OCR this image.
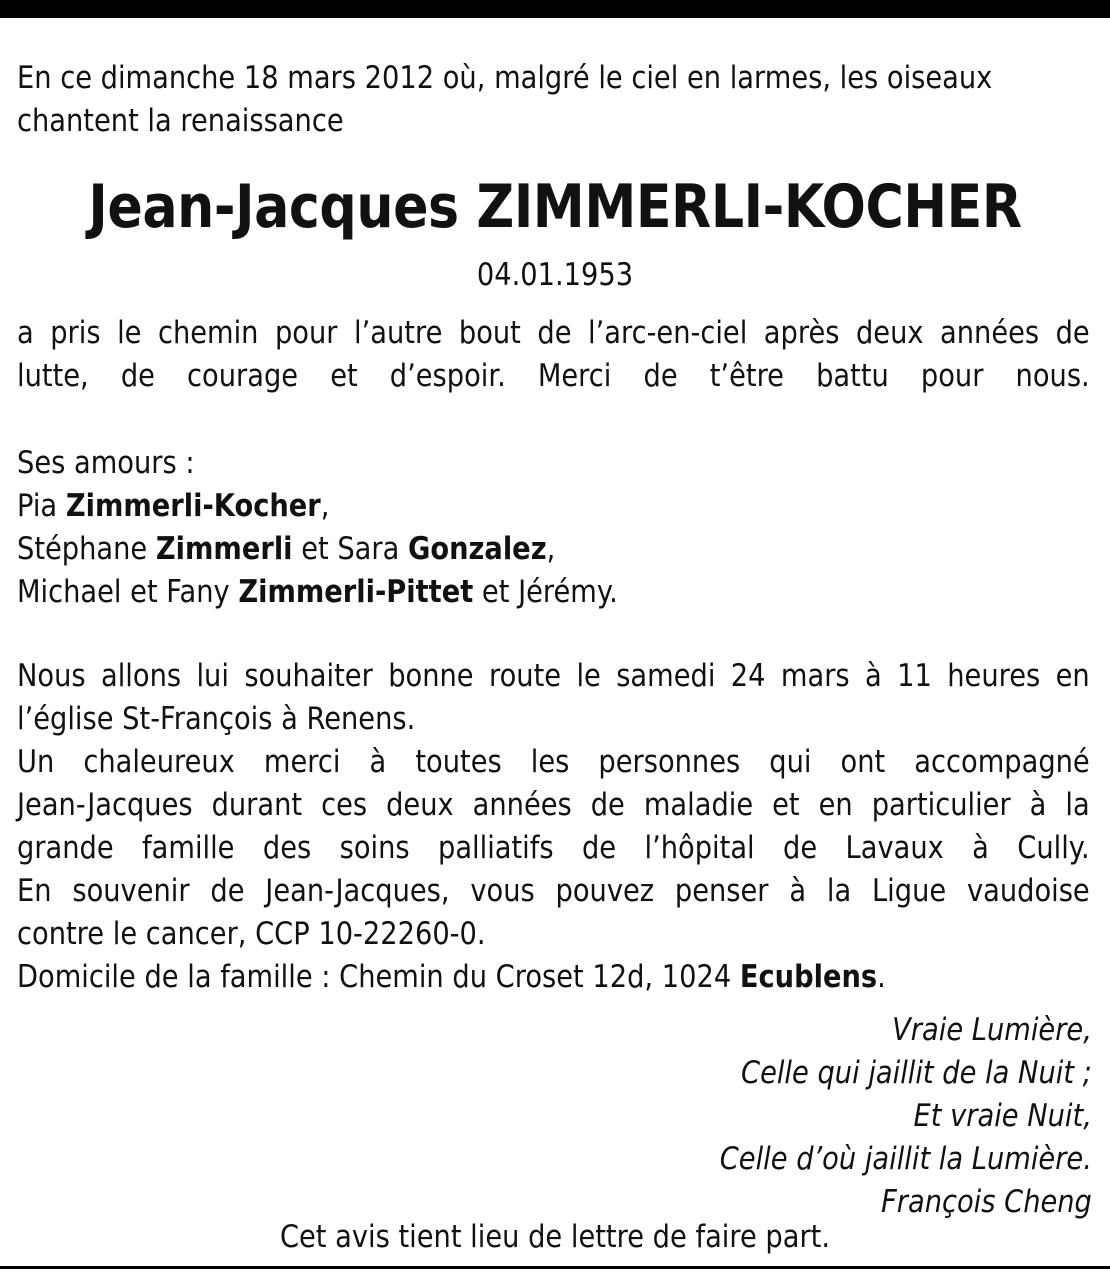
En ce dimanche 18 mars 2012 où, malgré le ciel en larmes, les oiseaux
chantent la renaissance
Jean-Jacques ZIMMERLI-KOCHER
04.01.1953
a pris le chemin pour l’autre bout de l’arc-en-ciel après deux années de
lutte, de courage et d’espoir. Merci de t’être battu pour nous.
Ses amours :
Pia Zimmerli-Kocher,
Stéphane Zimmerli et Sara Gonzalez,
Michael et Fany Zimmerli-Pittet et Jérémy.
Nous allons lui souhaiter bonne route le samedi 24 mars à 11 heures en
l’église St-François à Renens.
Un chaleureux merci à toutes les personnes qui ont accompagné
Jean-Jacques durant ces deux années de maladie et en particulier à la
grande famille des soins palliatifs de l’hôpital de Lavaux à Cully.
En souvenir de Jean-Jacques, vous pouvez penser à la Ligue vaudoise
contre le cancer, CCP 10-22260-0.
Domicile de la famille : Chemin du Croset 12d, 1024 Ecublens.
Vraie Lumière,
Celle qui jaillit de la Nuit ;
Et vraie Nuit,
Celle d’où jaillit la Lumière.
François Cheng
Cet avis tient lieu de lettre de faire part.
